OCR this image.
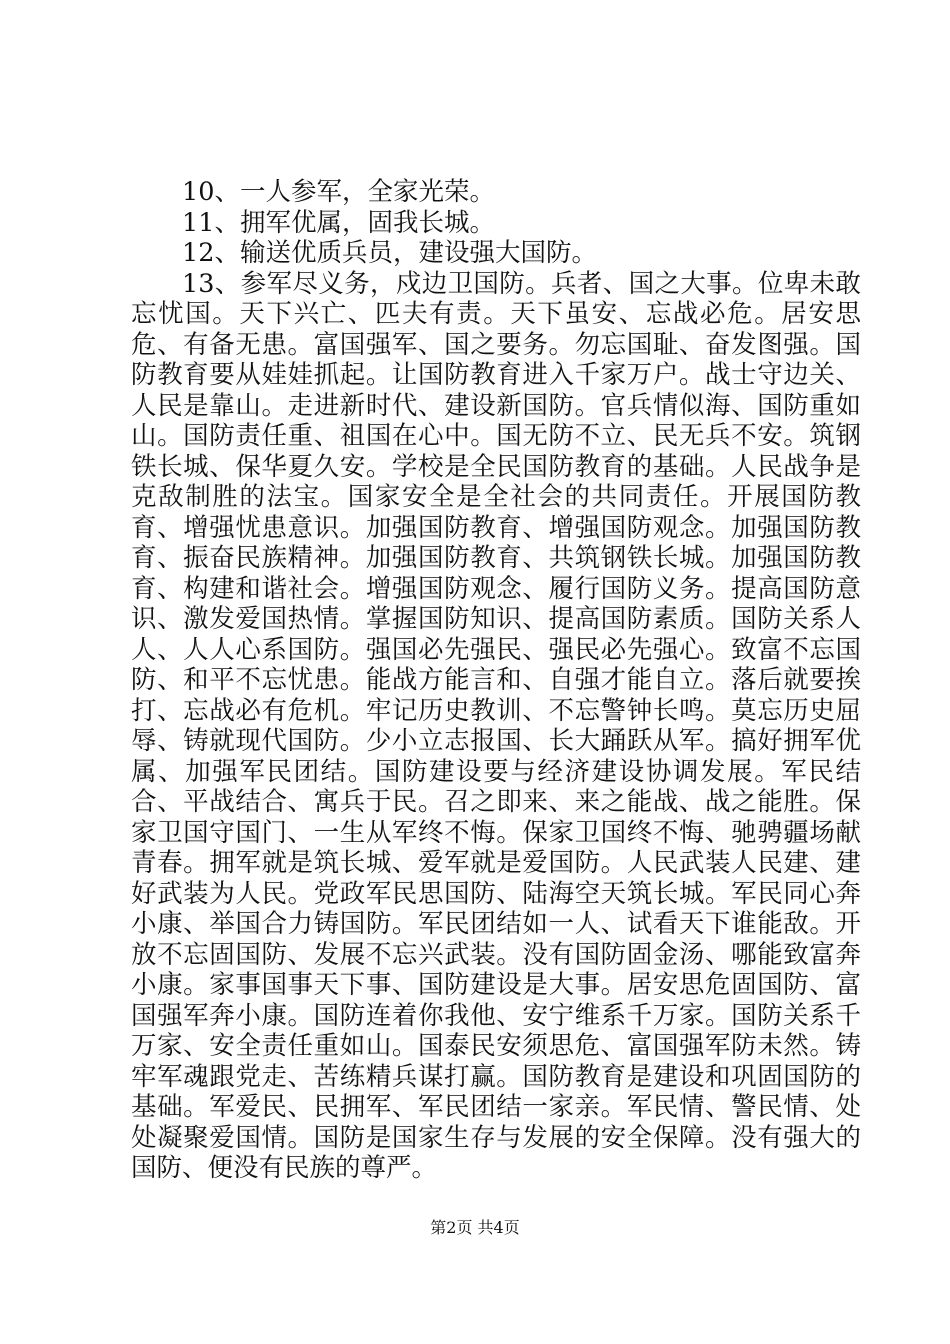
10、一人参军，全家光荣。

11、拥军优属，固我长城。

12、输送优质兵员，建设强大国防。

13、参军尽义务，戍边卫国防。兵者、国之大事。位卑未敢忘忧国。天下兴亡、匹夫有责。天下虽安、忘战必危。居安思危、有备无患。富国强军、国之要务。勿忘国耻、奋发图强。国防教育要从娃娃抓起。让国防教育进入千家万户。战士守边关、人民是靠山。走进新时代、建设新国防。官兵情似海、国防重如山。国防责任重、祖国在心中。国无防不立、民无兵不安。筑钢铁长城、保华夏久安。学校是全民国防教育的基础。人民战争是克敌制胜的法宝。国家安全是全社会的共同责任。开展国防教育、增强忧患意识。加强国防教育、增强国防观念。加强国防教育、振奋民族精神。加强国防教育、共筑钢铁长城。加强国防教育、构建和谐社会。增强国防观念、履行国防义务。提高国防意识、激发爱国热情。掌握国防知识、提高国防素质。国防关系人人、人人心系国防。强国必先强民、强民必先强心。致富不忘国防、和平不忘忧患。能战方能言和、自强才能自立。落后就要挨打、忘战必有危机。牢记历史教训、不忘警钟长鸣。莫忘历史屈辱、铸就现代国防。少小立志报国、长大踊跃从军。搞好拥军优属、加强军民团结。国防建设要与经济建设协调发展。军民结合、平战结合、寓兵于民。召之即来、来之能战、战之能胜。保家卫国守国门、一生从军终不悔。保家卫国终不悔、驰骋疆场献青春。拥军就是筑长城、爱军就是爱国防。人民武装人民建、建好武装为人民。党政军民思国防、陆海空天筑长城。军民同心奔小康、举国合力铸国防。军民团结如一人、试看天下谁能敌。开放不忘固国防、发展不忘兴武装。没有国防固金汤、哪能致富奔小康。家事国事天下事、国防建设是大事。居安思危固国防、富国强军奔小康。国防连着你我他、安宁维系千万家。国防关系千万家、安全责任重如山。国泰民安须思危、富国强军防未然。铸牢军魂跟党走、苦练精兵谋打赢。国防教育是建设和巩固国防的基础。军爱民、民拥军、军民团结一家亲。军民情、警民情、处处凝聚爱国情。国防是国家生存与发展的安全保障。没有强大的国防、便没有民族的尊严。

第2页 共4页
